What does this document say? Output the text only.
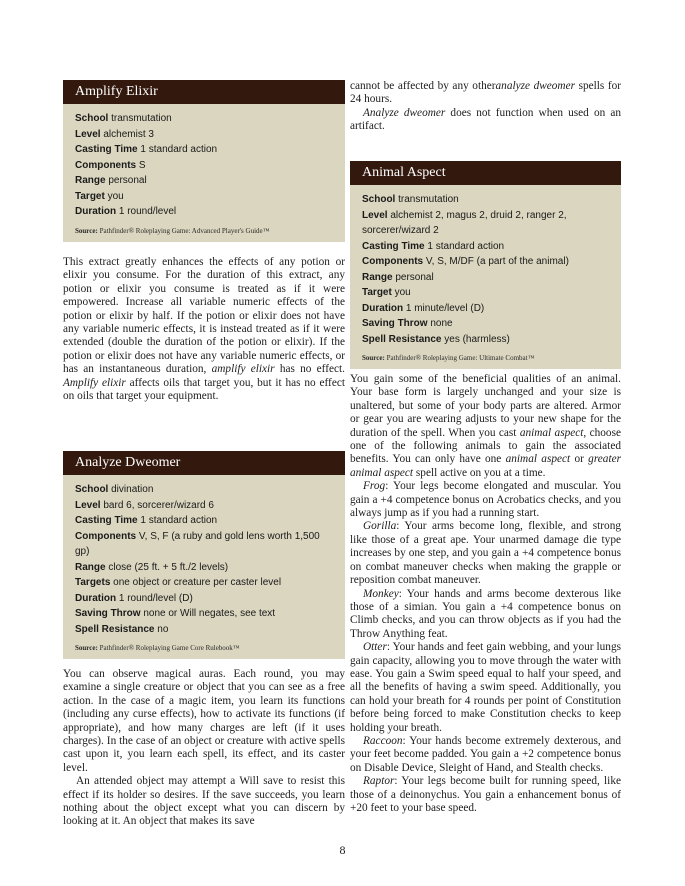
Amplify Elixir
School transmutation
Level alchemist 3
Casting Time 1 standard action
Components S
Range personal
Target you
Duration 1 round/level
Source: Pathfinder® Roleplaying Game: Advanced Player's Guide™

This extract greatly enhances the effects of any potion or elixir you consume. For the duration of this extract, any potion or elixir you consume is treated as if it were empowered. Increase all variable numeric effects of the potion or elixir by half. If the potion or elixir does not have any variable numeric effects, it is instead treated as if it were extended (double the duration of the potion or elixir). If the potion or elixir does not have any variable numeric effects, or has an instantaneous duration, amplify elixir has no effect. Amplify elixir affects oils that target you, but it has no effect on oils that target your equipment.

Analyze Dweomer
School divination
Level bard 6, sorcerer/wizard 6
Casting Time 1 standard action
Components V, S, F (a ruby and gold lens worth 1,500 gp)
Range close (25 ft. + 5 ft./2 levels)
Targets one object or creature per caster level
Duration 1 round/level (D)
Saving Throw none or Will negates, see text
Spell Resistance no
Source: Pathfinder® Roleplaying Game Core Rulebook™

You can observe magical auras. Each round, you may examine a single creature or object that you can see as a free action. In the case of a magic item, you learn its functions (including any curse effects), how to activate its functions (if appropriate), and how many charges are left (if it uses charges). In the case of an object or creature with active spells cast upon it, you learn each spell, its effect, and its caster level.

An attended object may attempt a Will save to resist this effect if its holder so desires. If the save succeeds, you learn nothing about the object except what you can discern by looking at it. An object that makes its save

cannot be affected by any otheranalyze dweomer spells for 24 hours.

Analyze dweomer does not function when used on an artifact.

Animal Aspect
School transmutation
Level alchemist 2, magus 2, druid 2, ranger 2, sorcerer/wizard 2
Casting Time 1 standard action
Components V, S, M/DF (a part of the animal)
Range personal
Target you
Duration 1 minute/level (D)
Saving Throw none
Spell Resistance yes (harmless)
Source: Pathfinder® Roleplaying Game: Ultimate Combat™

You gain some of the beneficial qualities of an animal. Your base form is largely unchanged and your size is unaltered, but some of your body parts are altered. Armor or gear you are wearing adjusts to your new shape for the duration of the spell. When you cast animal aspect, choose one of the following animals to gain the associated benefits. You can only have one animal aspect or greater animal aspect spell active on you at a time.

Frog: Your legs become elongated and muscular. You gain a +4 competence bonus on Acrobatics checks, and you always jump as if you had a running start.

Gorilla: Your arms become long, flexible, and strong like those of a great ape. Your unarmed damage die type increases by one step, and you gain a +4 competence bonus on combat maneuver checks when making the grapple or reposition combat maneuver.

Monkey: Your hands and arms become dexterous like those of a simian. You gain a +4 competence bonus on Climb checks, and you can throw objects as if you had the Throw Anything feat.

Otter: Your hands and feet gain webbing, and your lungs gain capacity, allowing you to move through the water with ease. You gain a Swim speed equal to half your speed, and all the benefits of having a swim speed. Additionally, you can hold your breath for 4 rounds per point of Constitution before being forced to make Constitution checks to keep holding your breath.

Raccoon: Your hands become extremely dexterous, and your feet become padded. You gain a +2 competence bonus on Disable Device, Sleight of Hand, and Stealth checks.

Raptor: Your legs become built for running speed, like those of a deinonychus. You gain a enhancement bonus of +20 feet to your base speed.

8
